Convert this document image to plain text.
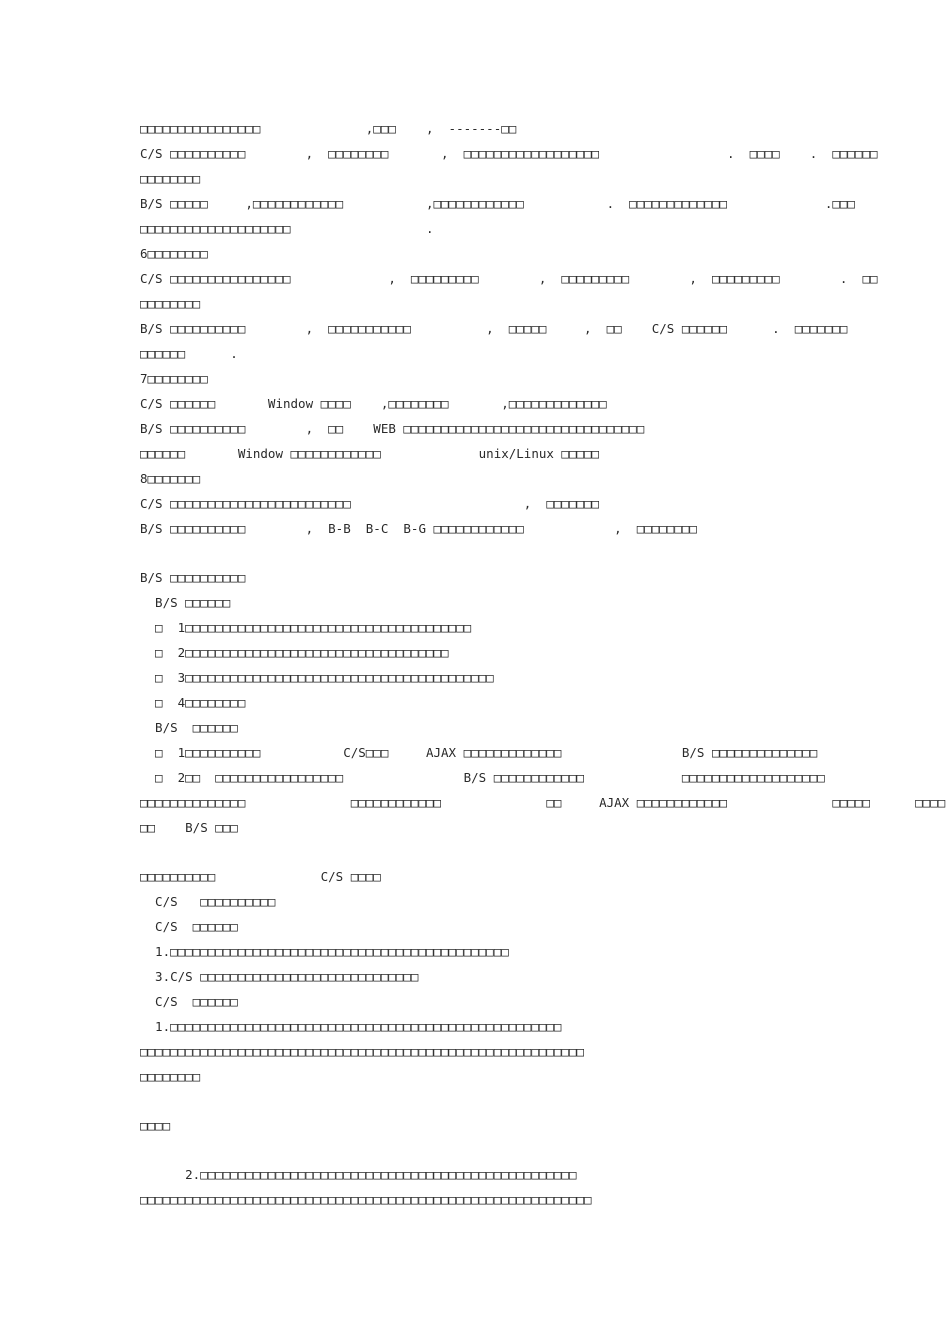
□□□□□□□□□□□□□□□□              ,□□□    ,  -------□□
C/S □□□□□□□□□□        ,  □□□□□□□□       ,  □□□□□□□□□□□□□□□□□□                 .  □□□□    .  □□□□□□
□□□□□□□□
B/S □□□□□     ,□□□□□□□□□□□□           ,□□□□□□□□□□□□           .  □□□□□□□□□□□□□             .□□□
□□□□□□□□□□□□□□□□□□□□                  .
6□□□□□□□□
C/S □□□□□□□□□□□□□□□□             ,  □□□□□□□□□        ,  □□□□□□□□□        ,  □□□□□□□□□        .  □□
□□□□□□□□
B/S □□□□□□□□□□        ,  □□□□□□□□□□□          ,  □□□□□     ,  □□    C/S □□□□□□      .  □□□□□□□
□□□□□□      .
7□□□□□□□□
C/S □□□□□□       Window □□□□    ,□□□□□□□□       ,□□□□□□□□□□□□□
B/S □□□□□□□□□□        ,  □□    WEB □□□□□□□□□□□□□□□□□□□□□□□□□□□□□□□□
□□□□□□       Window □□□□□□□□□□□□             unix/Linux □□□□□
8□□□□□□□
C/S □□□□□□□□□□□□□□□□□□□□□□□□                       ,  □□□□□□□
B/S □□□□□□□□□□        ,  B-B  B-C  B-G □□□□□□□□□□□□            ,  □□□□□□□□
B/S □□□□□□□□□□
B/S □□□□□□
□  1□□□□□□□□□□□□□□□□□□□□□□□□□□□□□□□□□□□□□□
□  2□□□□□□□□□□□□□□□□□□□□□□□□□□□□□□□□□□□
□  3□□□□□□□□□□□□□□□□□□□□□□□□□□□□□□□□□□□□□□□□□
□  4□□□□□□□□
B/S  □□□□□□
□  1□□□□□□□□□□           C/S□□□     AJAX □□□□□□□□□□□□□                B/S □□□□□□□□□□□□□□
□  2□□  □□□□□□□□□□□□□□□□□                B/S □□□□□□□□□□□□             □□□□□□□□□□□□□□□□□□□
□□□□□□□□□□□□□□              □□□□□□□□□□□□              □□     AJAX □□□□□□□□□□□□              □□□□□      □□□□
□□    B/S □□□
□□□□□□□□□□              C/S □□□□
C/S   □□□□□□□□□□
C/S  □□□□□□
1.□□□□□□□□□□□□□□□□□□□□□□□□□□□□□□□□□□□□□□□□□□□□□
3.C/S □□□□□□□□□□□□□□□□□□□□□□□□□□□□□
C/S  □□□□□□
1.□□□□□□□□□□□□□□□□□□□□□□□□□□□□□□□□□□□□□□□□□□□□□□□□□□□□
□□□□□□□□□□□□□□□□□□□□□□□□□□□□□□□□□□□□□□□□□□□□□□□□□□□□□□□□□□□
□□□□□□□□
□□□□
2.□□□□□□□□□□□□□□□□□□□□□□□□□□□□□□□□□□□□□□□□□□□□□□□□□□
□□□□□□□□□□□□□□□□□□□□□□□□□□□□□□□□□□□□□□□□□□□□□□□□□□□□□□□□□□□□
